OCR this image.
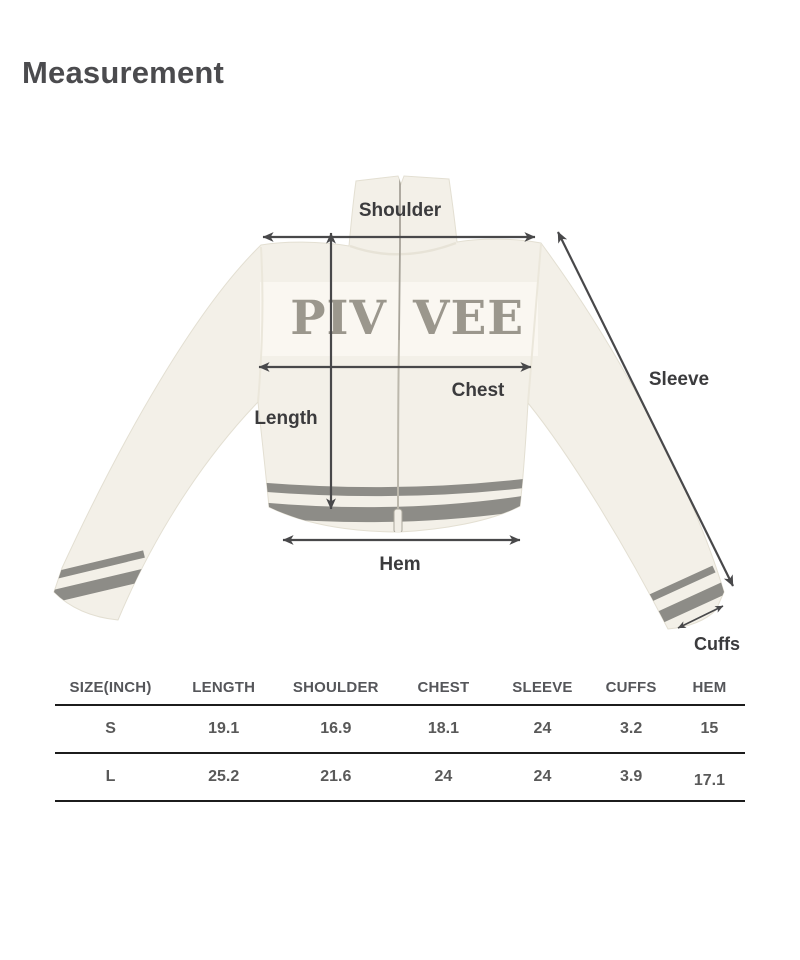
Measurement
PIV VEE
Shoulder
Chest
Length
Hem
Sleeve
Cuffs
SIZE(INCH)	LENGTH	SHOULDER	CHEST	SLEEVE	CUFFS	HEM
S	19.1	16.9	18.1	24	3.2	15
L	25.2	21.6	24	24	3.9	17.1
